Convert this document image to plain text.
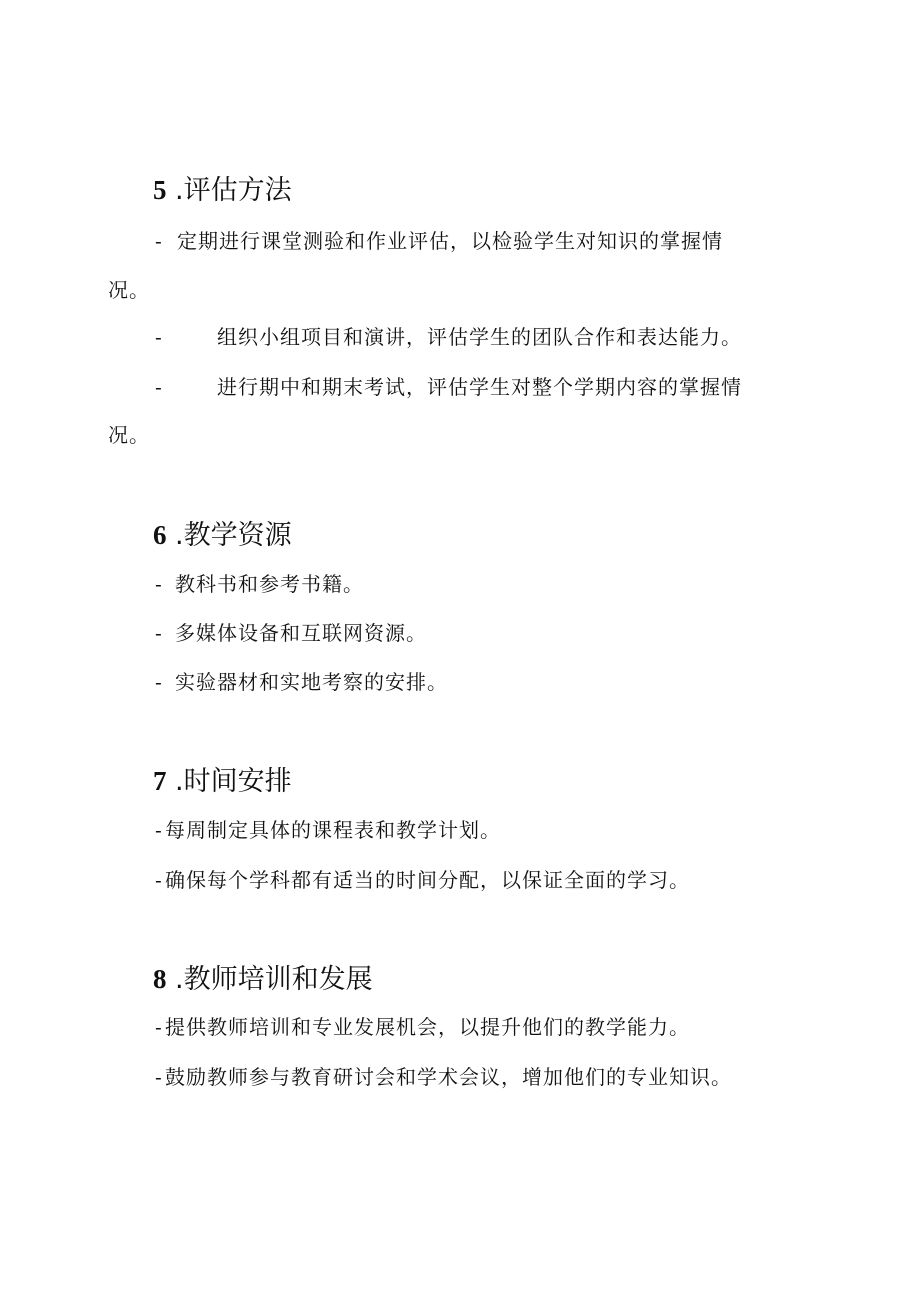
5 .评估方法
- 定期进行课堂测验和作业评估，以检验学生对知识的掌握情
况。
-	组织小组项目和演讲，评估学生的团队合作和表达能力。
-	进行期中和期末考试，评估学生对整个学期内容的掌握情
况。
6 .教学资源
- 教科书和参考书籍。
- 多媒体设备和互联网资源。
- 实验器材和实地考察的安排。
7 .时间安排
- 每周制定具体的课程表和教学计划。
- 确保每个学科都有适当的时间分配，以保证全面的学习。
8 .教师培训和发展
- 提供教师培训和专业发展机会，以提升他们的教学能力。
- 鼓励教师参与教育研讨会和学术会议，增加他们的专业知识。
